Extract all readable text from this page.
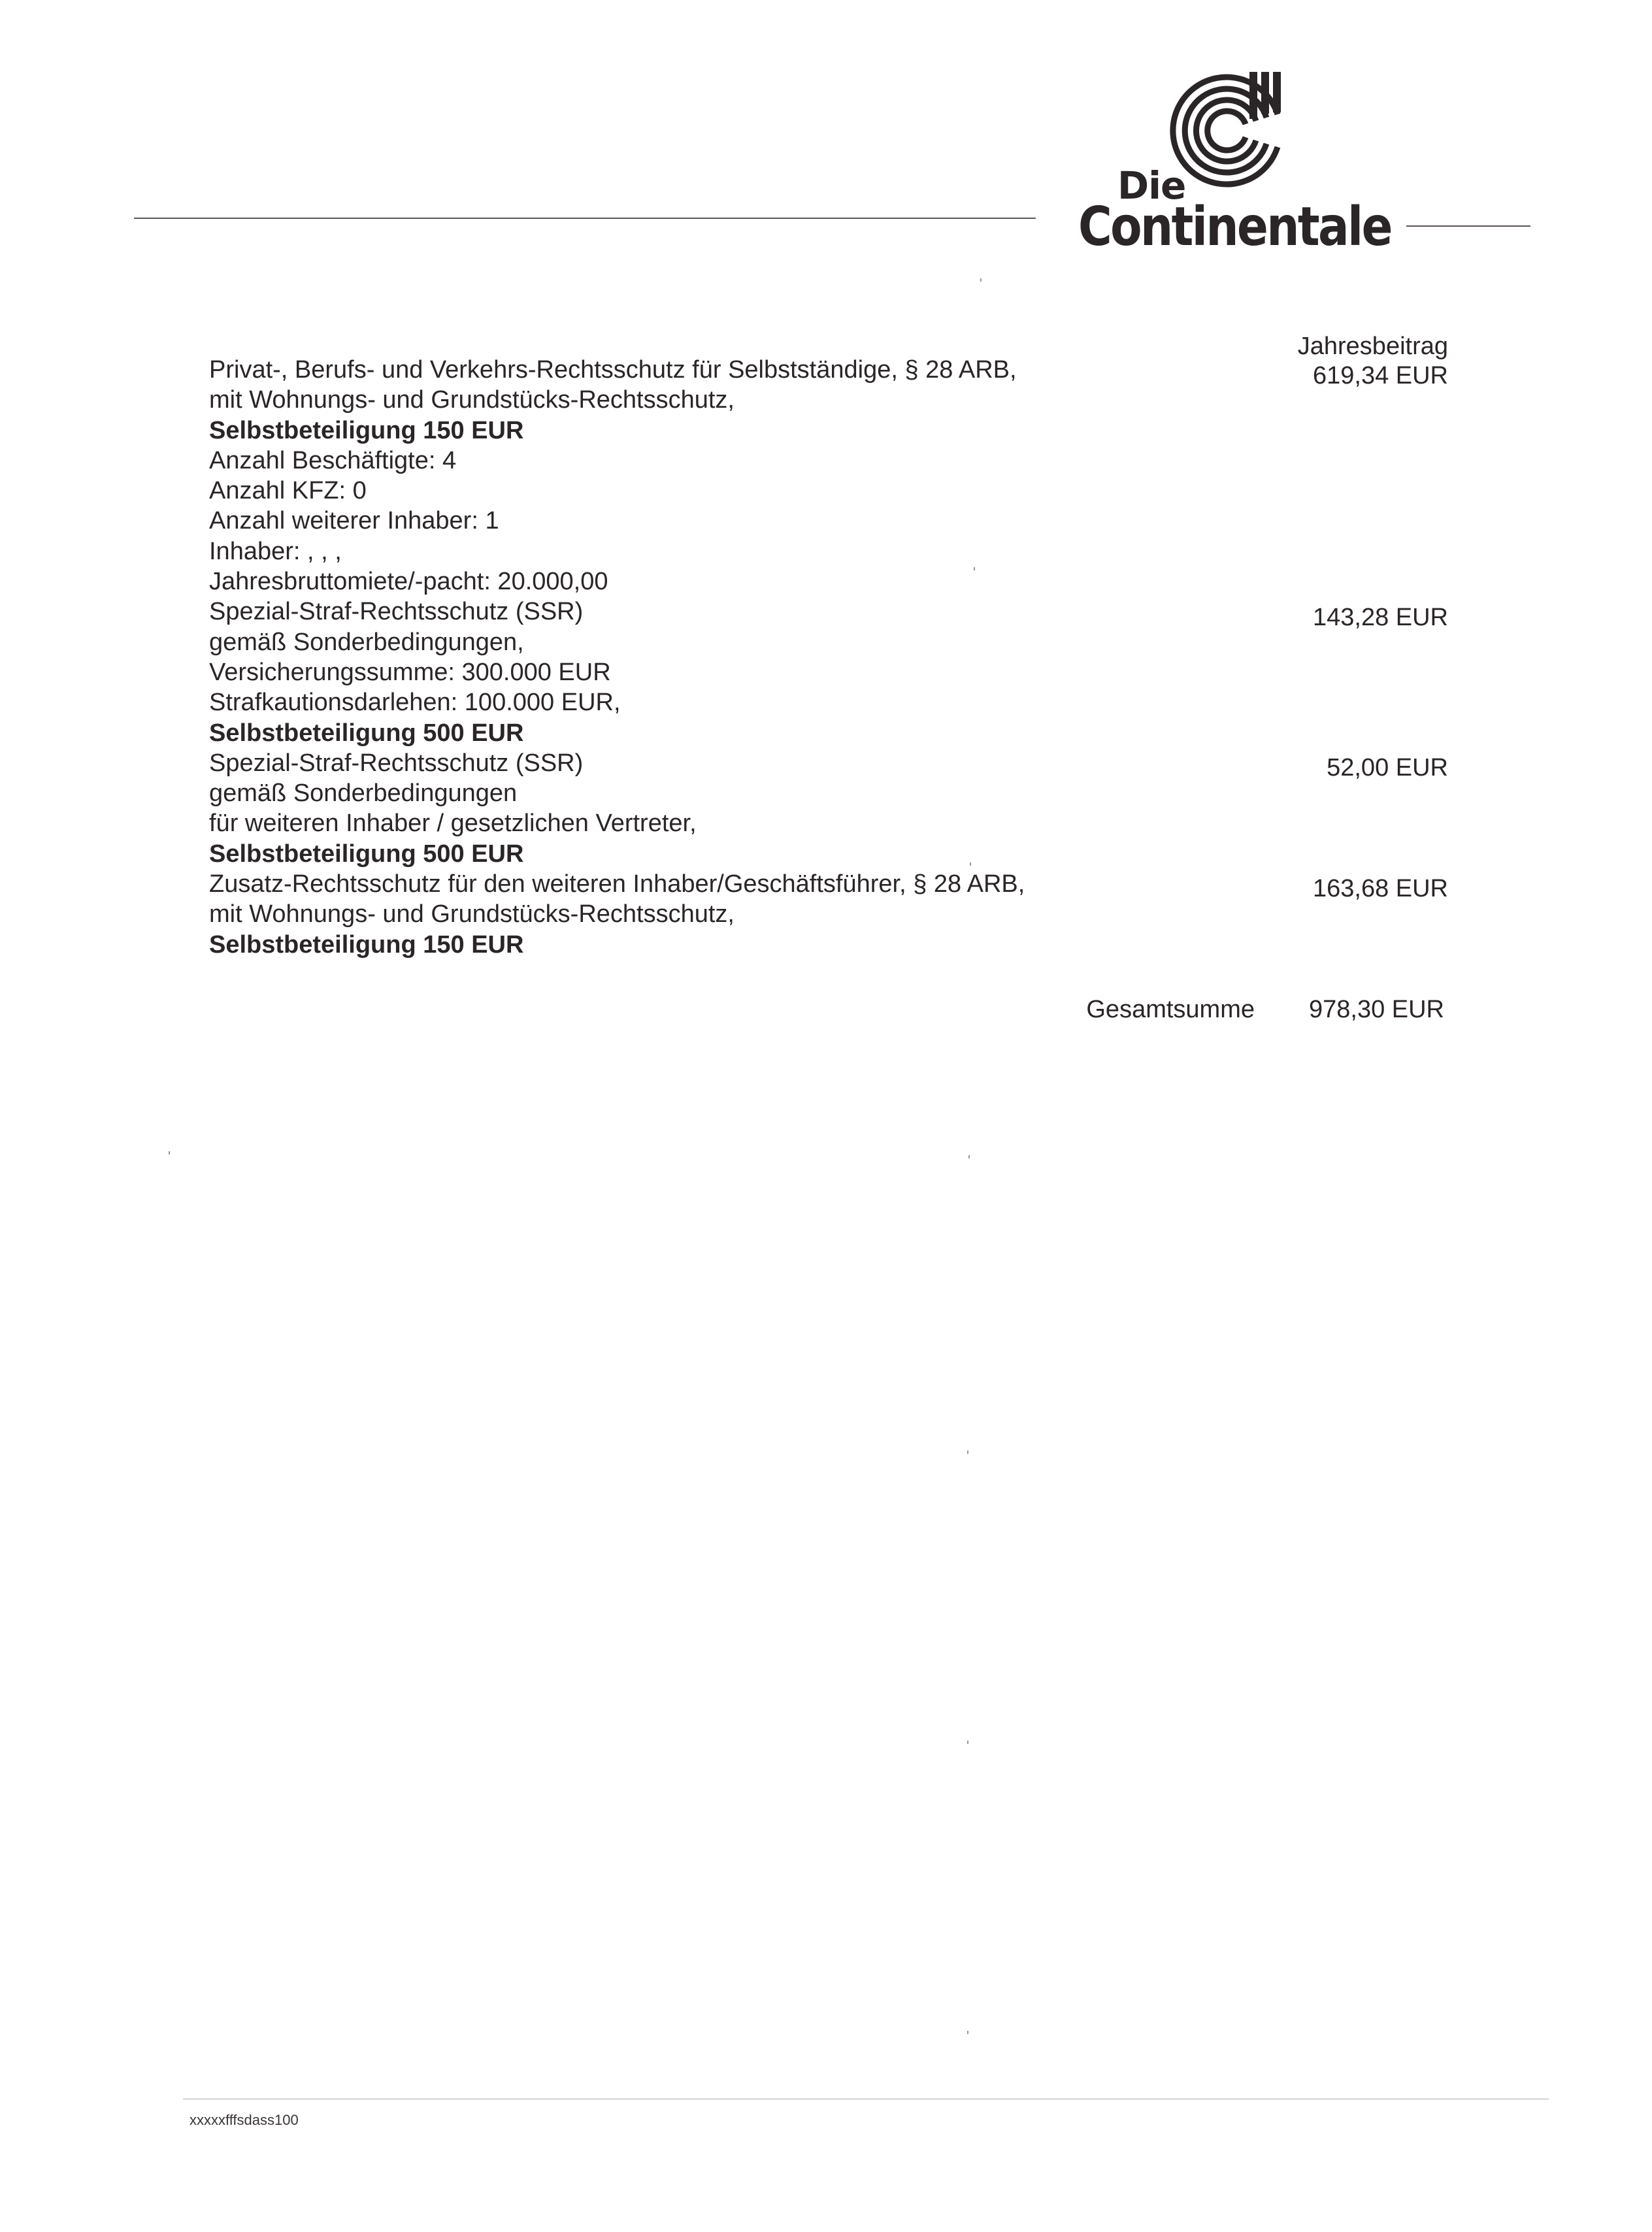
Die
Continentale
Jahresbeitrag
Privat-, Berufs- und Verkehrs-Rechtsschutz für Selbstständige, § 28 ARB,
mit Wohnungs- und Grundstücks-Rechtsschutz,
Selbstbeteiligung 150 EUR
Anzahl Beschäftigte: 4
Anzahl KFZ: 0
Anzahl weiterer Inhaber: 1
Inhaber: , , ,
Jahresbruttomiete/-pacht: 20.000,00
Spezial-Straf-Rechtsschutz (SSR)
gemäß Sonderbedingungen,
Versicherungssumme: 300.000 EUR
Strafkautionsdarlehen: 100.000 EUR,
Selbstbeteiligung 500 EUR
Spezial-Straf-Rechtsschutz (SSR)
gemäß Sonderbedingungen
für weiteren Inhaber / gesetzlichen Vertreter,
Selbstbeteiligung 500 EUR
Zusatz-Rechtsschutz für den weiteren Inhaber/Geschäftsführer, § 28 ARB,
mit Wohnungs- und Grundstücks-Rechtsschutz,
Selbstbeteiligung 150 EUR
619,34 EUR
143,28 EUR
52,00 EUR
163,68 EUR
Gesamtsumme 978,30 EUR
xxxxxfffsdass100
